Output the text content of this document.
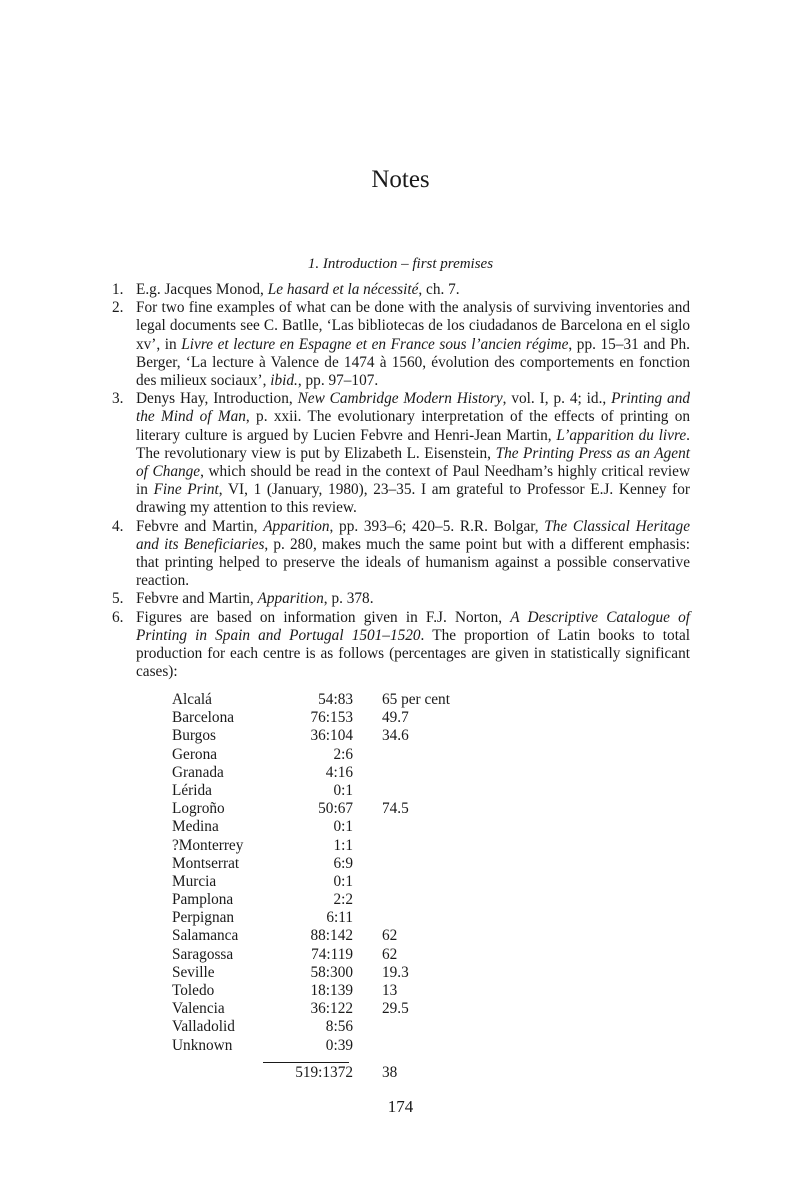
Notes
1. Introduction – first premises
1. E.g. Jacques Monod, Le hasard et la nécessité, ch. 7.
2. For two fine examples of what can be done with the analysis of surviving inventories and legal documents see C. Batlle, ‘Las bibliotecas de los ciudadanos de Barcelona en el siglo xv’, in Livre et lecture en Espagne et en France sous l’ancien régime, pp. 15–31 and Ph. Berger, ‘La lecture à Valence de 1474 à 1560, évolution des comportements en fonction des milieux sociaux’, ibid., pp. 97–107.
3. Denys Hay, Introduction, New Cambridge Modern History, vol. I, p. 4; id., Printing and the Mind of Man, p. xxii. The evolutionary interpretation of the effects of printing on literary culture is argued by Lucien Febvre and Henri-Jean Martin, L’apparition du livre. The revolutionary view is put by Elizabeth L. Eisenstein, The Printing Press as an Agent of Change, which should be read in the context of Paul Needham’s highly critical review in Fine Print, VI, 1 (January, 1980), 23–35. I am grateful to Professor E.J. Kenney for drawing my attention to this review.
4. Febvre and Martin, Apparition, pp. 393–6; 420–5. R.R. Bolgar, The Classical Heritage and its Beneficiaries, p. 280, makes much the same point but with a different emphasis: that printing helped to preserve the ideals of humanism against a possible conservative reaction.
5. Febvre and Martin, Apparition, p. 378.
6. Figures are based on information given in F.J. Norton, A Descriptive Catalogue of Printing in Spain and Portugal 1501–1520. The proportion of Latin books to total production for each centre is as follows (percentages are given in statistically significant cases):
Alcalá	54:83 65 per cent
Barcelona	76:153 49.7
Burgos	36:104 34.6
Gerona	2:6
Granada	4:16
Lérida	0:1
Logroño	50:67 74.5
Medina	0:1
?Monterrey	1:1
Montserrat	6:9
Murcia	0:1
Pamplona	2:2
Perpignan	6:11
Salamanca	88:142 62
Saragossa	74:119 62
Seville	58:300 19.3
Toledo	18:139 13
Valencia	36:122 29.5
Valladolid	8:56
Unknown	0:39
519:1372 38
174
